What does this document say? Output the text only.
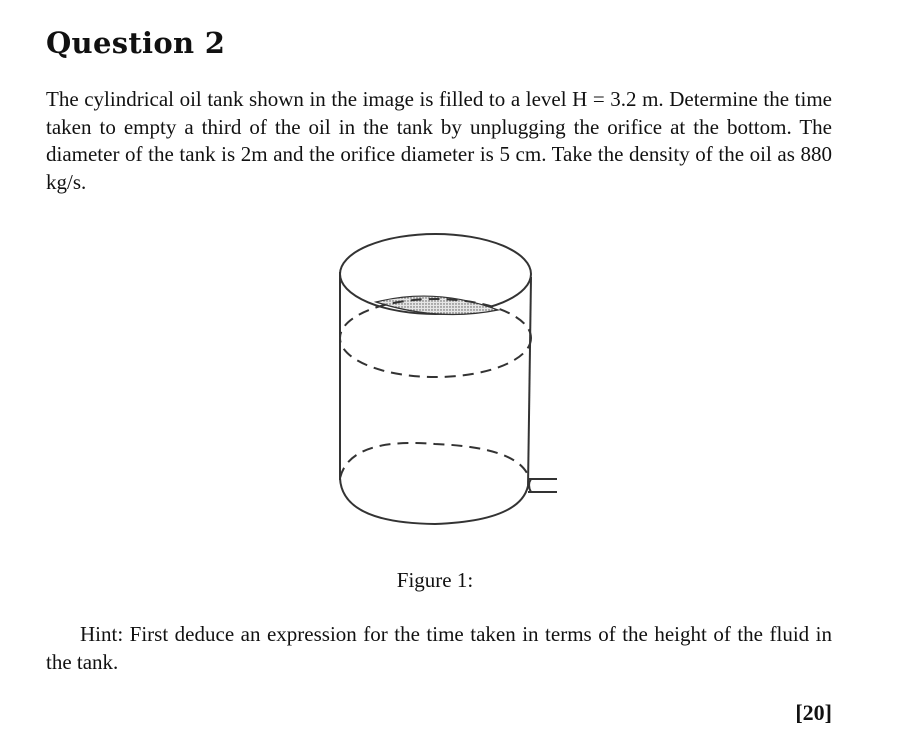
Question 2

The cylindrical oil tank shown in the image is filled to a level H = 3.2 m. Determine the time taken to empty a third of the oil in the tank by unplugging the orifice at the bottom. The diameter of the tank is 2m and the orifice diameter is 5 cm. Take the density of the oil as 880 kg/s.

Figure 1:

Hint: First deduce an expression for the time taken in terms of the height of the fluid in the tank.

[20]
